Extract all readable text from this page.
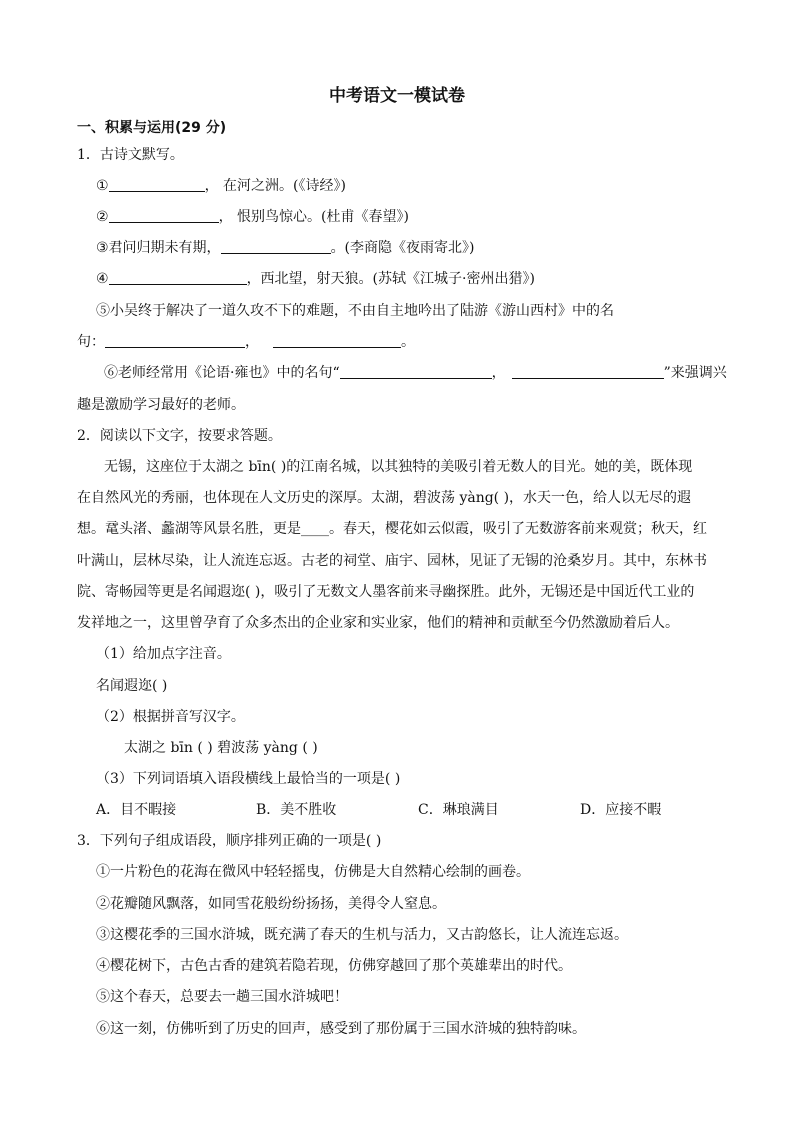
中考语文一模试卷
一、积累与运用(29 分)
1．古诗文默写。
①	， 在河之洲。(《诗经》)
②	， 恨别鸟惊心。(杜甫《春望》)
③君问归期未有期，	。(李商隐《夜雨寄北》)
④	，西北望，射天狼。(苏轼《江城子·密州出猎》)
⑤小吴终于解决了一道久攻不下的难题，不由自主地吟出了陆游《游山西村》中的名
句：	，	。
⑥老师经常用《论语·雍也》中的名句“	，	”来强调兴
趣是激励学习最好的老师。
2．阅读以下文字，按要求答题。
无锡，这座位于太湖之 bīn( )的江南名城，以其独特的美吸引着无数人的目光。她的美，既体现
在自然风光的秀丽，也体现在人文历史的深厚。太湖，碧波荡 yàng( )，水天一色，给人以无尽的遐
想。鼋头渚、蠡湖等风景名胜，更是____。春天，樱花如云似霞，吸引了无数游客前来观赏；秋天，红
叶满山，层林尽染，让人流连忘返。古老的祠堂、庙宇、园林，见证了无锡的沧桑岁月。其中，东林书
院、寄畅园等更是名闻遐迩( )，吸引了无数文人墨客前来寻幽探胜。此外，无锡还是中国近代工业的
发祥地之一，这里曾孕育了众多杰出的企业家和实业家，他们的精神和贡献至今仍然激励着后人。
（1）给加点字注音。
名闻遐迩( )
（2）根据拼音写汉字。
太湖之 bīn ( ) 碧波荡 yàng ( )
（3）下列词语填入语段横线上最恰当的一项是( )
A．目不暇接	B．美不胜收	C．琳琅满目	D．应接不暇
3．下列句子组成语段，顺序排列正确的一项是( )
①一片粉色的花海在微风中轻轻摇曳，仿佛是大自然精心绘制的画卷。
②花瓣随风飘落，如同雪花般纷纷扬扬，美得令人窒息。
③这樱花季的三国水浒城，既充满了春天的生机与活力，又古韵悠长，让人流连忘返。
④樱花树下，古色古香的建筑若隐若现，仿佛穿越回了那个英雄辈出的时代。
⑤这个春天，总要去一趟三国水浒城吧！
⑥这一刻，仿佛听到了历史的回声，感受到了那份属于三国水浒城的独特韵味。
